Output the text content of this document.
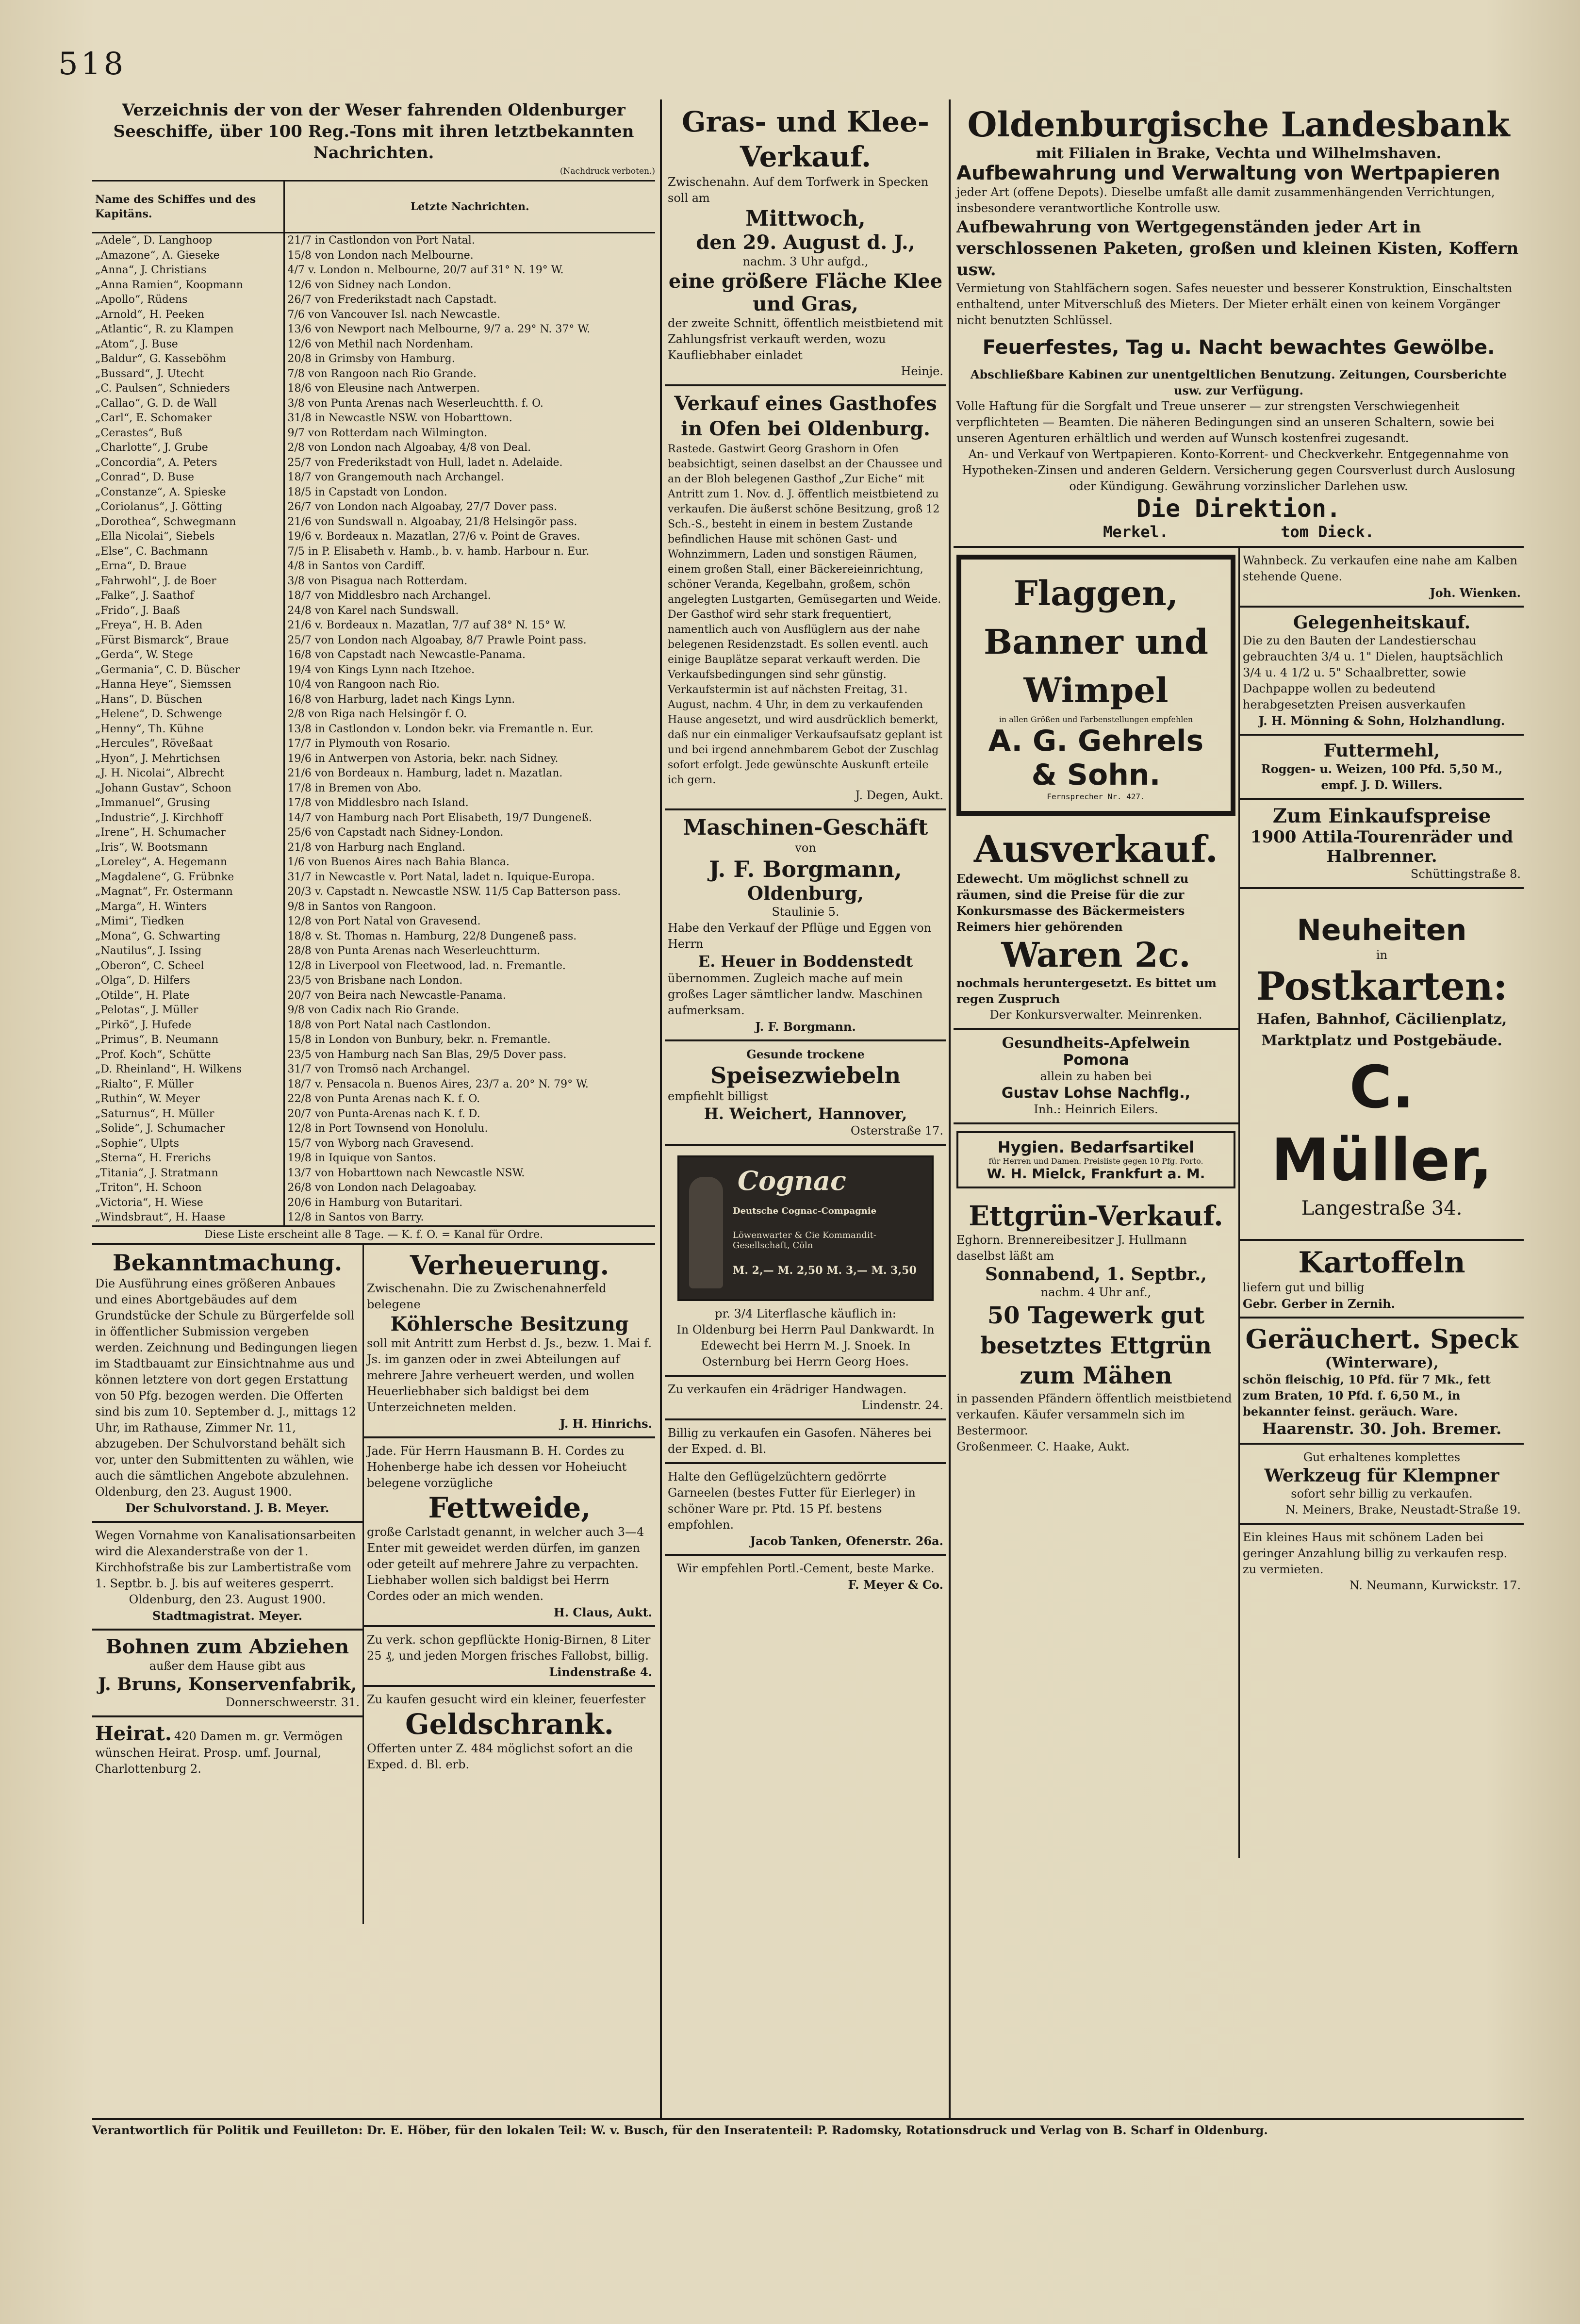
518
Verzeichnis der von der Weser fahrenden Oldenburger Seeschiffe, über 100 Reg.-Tons mit ihren letztbekannten Nachrichten.
(Nachdruck verboten.)
Name des Schiffes und des Kapitäns.	Letzte Nachrichten.
„Adele“, D. Langhoop	21/7 in Castlondon von Port Natal.
„Amazone“, A. Gieseke	15/8 von London nach Melbourne.
„Anna“, J. Christians	4/7 v. London n. Melbourne, 20/7 auf 31° N. 19° W.
„Anna Ramien“, Koopmann	12/6 von Sidney nach London.
„Apollo“, Rüdens	26/7 von Frederikstadt nach Capstadt.
„Arnold“, H. Peeken	7/6 von Vancouver Isl. nach Newcastle.
„Atlantic“, R. zu Klampen	13/6 von Newport nach Melbourne, 9/7 a. 29° N. 37° W.
„Atom“, J. Buse	12/6 von Methil nach Nordenham.
„Baldur“, G. Kasseböhm	20/8 in Grimsby von Hamburg.
„Bussard“, J. Utecht	7/8 von Rangoon nach Rio Grande.
„C. Paulsen“, Schnieders	18/6 von Eleusine nach Antwerpen.
„Callao“, G. D. de Wall	3/8 von Punta Arenas nach Weserleuchtth. f. O.
„Carl“, E. Schomaker	31/8 in Newcastle NSW. von Hobarttown.
„Cerastes“, Buß	9/7 von Rotterdam nach Wilmington.
„Charlotte“, J. Grube	2/8 von London nach Algoabay, 4/8 von Deal.
„Concordia“, A. Peters	25/7 von Frederikstadt von Hull, ladet n. Adelaide.
„Conrad“, D. Buse	18/7 von Grangemouth nach Archangel.
„Constanze“, A. Spieske	18/5 in Capstadt von London.
„Coriolanus“, J. Götting	26/7 von London nach Algoabay, 27/7 Dover pass.
„Dorothea“, Schwegmann	21/6 von Sundswall n. Algoabay, 21/8 Helsingör pass.
„Ella Nicolai“, Siebels	19/6 v. Bordeaux n. Mazatlan, 27/6 v. Point de Graves.
„Else“, C. Bachmann	7/5 in P. Elisabeth v. Hamb., b. v. hamb. Harbour n. Eur.
„Erna“, D. Braue	4/8 in Santos von Cardiff.
„Fahrwohl“, J. de Boer	3/8 von Pisagua nach Rotterdam.
„Falke“, J. Saathof	18/7 von Middlesbro nach Archangel.
„Frido“, J. Baaß	24/8 von Karel nach Sundswall.
„Freya“, H. B. Aden	21/6 v. Bordeaux n. Mazatlan, 7/7 auf 38° N. 15° W.
„Fürst Bismarck“, Braue	25/7 von London nach Algoabay, 8/7 Prawle Point pass.
„Gerda“, W. Stege	16/8 von Capstadt nach Newcastle-Panama.
„Germania“, C. D. Büscher	19/4 von Kings Lynn nach Itzehoe.
„Hanna Heye“, Siemssen	10/4 von Rangoon nach Rio.
„Hans“, D. Büschen	16/8 von Harburg, ladet nach Kings Lynn.
„Helene“, D. Schwenge	2/8 von Riga nach Helsingör f. O.
„Henny“, Th. Kühne	13/8 in Castlondon v. London bekr. via Fremantle n. Eur.
„Hercules“, Röveßaat	17/7 in Plymouth von Rosario.
„Hyon“, J. Mehrtichsen	19/6 in Antwerpen von Astoria, bekr. nach Sidney.
„J. H. Nicolai“, Albrecht	21/6 von Bordeaux n. Hamburg, ladet n. Mazatlan.
„Johann Gustav“, Schoon	17/8 in Bremen von Abo.
„Immanuel“, Grusing	17/8 von Middlesbro nach Island.
„Industrie“, J. Kirchhoff	14/7 von Hamburg nach Port Elisabeth, 19/7 Dungeneß.
„Irene“, H. Schumacher	25/6 von Capstadt nach Sidney-London.
„Iris“, W. Bootsmann	21/8 von Harburg nach England.
„Loreley“, A. Hegemann	1/6 von Buenos Aires nach Bahia Blanca.
„Magdalene“, G. Frübnke	31/7 in Newcastle v. Port Natal, ladet n. Iquique-Europa.
„Magnat“, Fr. Ostermann	20/3 v. Capstadt n. Newcastle NSW. 11/5 Cap Batterson pass.
„Marga“, H. Winters	9/8 in Santos von Rangoon.
„Mimi“, Tiedken	12/8 von Port Natal von Gravesend.
„Mona“, G. Schwarting	18/8 v. St. Thomas n. Hamburg, 22/8 Dungeneß pass.
„Nautilus“, J. Issing	28/8 von Punta Arenas nach Weserleuchtturm.
„Oberon“, C. Scheel	12/8 in Liverpool von Fleetwood, lad. n. Fremantle.
„Olga“, D. Hilfers	23/5 von Brisbane nach London.
„Otilde“, H. Plate	20/7 von Beira nach Newcastle-Panama.
„Pelotas“, J. Müller	9/8 von Cadix nach Rio Grande.
„Pirkö“, J. Hufede	18/8 von Port Natal nach Castlondon.
„Primus“, B. Neumann	15/8 in London von Bunbury, bekr. n. Fremantle.
„Prof. Koch“, Schütte	23/5 von Hamburg nach San Blas, 29/5 Dover pass.
„D. Rheinland“, H. Wilkens	31/7 von Tromsö nach Archangel.
„Rialto“, F. Müller	18/7 v. Pensacola n. Buenos Aires, 23/7 a. 20° N. 79° W.
„Ruthin“, W. Meyer	22/8 von Punta Arenas nach K. f. O.
„Saturnus“, H. Müller	20/7 von Punta-Arenas nach K. f. D.
„Solide“, J. Schumacher	12/8 in Port Townsend von Honolulu.
„Sophie“, Ulpts	15/7 von Wyborg nach Gravesend.
„Sterna“, H. Frerichs	19/8 in Iquique von Santos.
„Titania“, J. Stratmann	13/7 von Hobarttown nach Newcastle NSW.
„Triton“, H. Schoon	26/8 von London nach Delagoabay.
„Victoria“, H. Wiese	20/6 in Hamburg von Butaritari.
„Windsbraut“, H. Haase	12/8 in Santos von Barry.
Diese Liste erscheint alle 8 Tage. — K. f. O. = Kanal für Ordre.
Bekanntmachung.
Die Ausführung eines größeren Anbaues und eines Abortgebäudes auf dem Grundstücke der Schule zu Bürgerfelde soll in öffentlicher Submission vergeben werden. Zeichnung und Bedingungen liegen im Stadtbauamt zur Einsichtnahme aus und können letztere von dort gegen Erstattung von 50 Pfg. bezogen werden. Die Offerten sind bis zum 10. September d. J., mittags 12 Uhr, im Rathause, Zimmer Nr. 11, abzugeben. Der Schulvorstand behält sich vor, unter den Submittenten zu wählen, wie auch die sämtlichen Angebote abzulehnen.
Oldenburg, den 23. August 1900.
Der Schulvorstand. J. B. Meyer.
Wegen Vornahme von Kanalisationsarbeiten wird die Alexanderstraße von der 1. Kirchhofstraße bis zur Lambertistraße vom 1. Septbr. b. J. bis auf weiteres gesperrt.
Oldenburg, den 23. August 1900.
Stadtmagistrat. Meyer.
Bohnen zum Abziehen
außer dem Hause gibt aus
J. Bruns, Konservenfabrik,
Donnerschweerstr. 31.
Heirat. 420 Damen m. gr. Vermögen wünschen Heirat. Prosp. umf. Journal, Charlottenburg 2.
Verheuerung.
Zwischenahn. Die zu Zwischenahnerfeld belegene
Köhlersche Besitzung
soll mit Antritt zum Herbst d. Js., bezw. 1. Mai f. Js. im ganzen oder in zwei Abteilungen auf mehrere Jahre verheuert werden, und wollen Heuerliebhaber sich baldigst bei dem Unterzeichneten melden.
J. H. Hinrichs.
Jade. Für Herrn Hausmann B. H. Cordes zu Hohenberge habe ich dessen vor Hoheiucht belegene vorzügliche
Fettweide,
große Carlstadt genannt, in welcher auch 3—4 Enter mit geweidet werden dürfen, im ganzen oder geteilt auf mehrere Jahre zu verpachten. Liebhaber wollen sich baldigst bei Herrn Cordes oder an mich wenden.
H. Claus, Aukt.
Zu verk. schon gepflückte Honig-Birnen, 8 Liter 25 ₰, und jeden Morgen frisches Fallobst, billig.
Lindenstraße 4.
Zu kaufen gesucht wird ein kleiner, feuerfester
Geldschrank.
Offerten unter Z. 484 möglichst sofort an die Exped. d. Bl. erb.
Gras- und Klee-Verkauf.
Zwischenahn. Auf dem Torfwerk in Specken soll am
Mittwoch,
den 29. August d. J.,
nachm. 3 Uhr aufgd.,
eine größere Fläche Klee und Gras,
der zweite Schnitt, öffentlich meistbietend mit Zahlungsfrist verkauft werden, wozu Kaufliebhaber einladet
Heinje.
Verkauf eines Gasthofes in Ofen bei Oldenburg.
Rastede. Gastwirt Georg Grashorn in Ofen beabsichtigt, seinen daselbst an der Chaussee und an der Bloh belegenen Gasthof „Zur Eiche“ mit Antritt zum 1. Nov. d. J. öffentlich meistbietend zu verkaufen. Die äußerst schöne Besitzung, groß 12 Sch.-S., besteht in einem in bestem Zustande befindlichen Hause mit schönen Gast- und Wohnzimmern, Laden und sonstigen Räumen, einem großen Stall, einer Bäckereieinrichtung, schöner Veranda, Kegelbahn, großem, schön angelegten Lustgarten, Gemüsegarten und Weide. Der Gasthof wird sehr stark frequentiert, namentlich auch von Ausflüglern aus der nahe belegenen Residenzstadt. Es sollen eventl. auch einige Bauplätze separat verkauft werden. Die Verkaufsbedingungen sind sehr günstig. Verkaufstermin ist auf nächsten Freitag, 31. August, nachm. 4 Uhr, in dem zu verkaufenden Hause angesetzt, und wird ausdrücklich bemerkt, daß nur ein einmaliger Verkaufsaufsatz geplant ist und bei irgend annehmbarem Gebot der Zuschlag sofort erfolgt. Jede gewünschte Auskunft erteile ich gern.
J. Degen, Aukt.
Maschinen-Geschäft
von
J. F. Borgmann,
Oldenburg,
Staulinie 5.
Habe den Verkauf der Pflüge und Eggen von Herrn
E. Heuer in Boddenstedt
übernommen. Zugleich mache auf mein großes Lager sämtlicher landw. Maschinen aufmerksam.
J. F. Borgmann.
Gesunde trockene
Speisezwiebeln
empfiehlt billigst
H. Weichert, Hannover,
Osterstraße 17.
Cognac
Deutsche Cognac-Compagnie
Löwenwarter & Cie Kommandit-Gesellschaft, Cöln
M. 2,— M. 2,50 M. 3,— M. 3,50
pr. 3/4 Literflasche käuflich in:
In Oldenburg bei Herrn Paul Dankwardt. In Edewecht bei Herrn M. J. Snoek. In Osternburg bei Herrn Georg Hoes.
Zu verkaufen ein 4rädriger Handwagen.
Lindenstr. 24.
Billig zu verkaufen ein Gasofen. Näheres bei der Exped. d. Bl.
Halte den Geflügelzüchtern gedörrte Garneelen (bestes Futter für Eierleger) in schöner Ware pr. Ptd. 15 Pf. bestens empfohlen.
Jacob Tanken, Ofenerstr. 26a.
Wir empfehlen Portl.-Cement, beste Marke.
F. Meyer & Co.
Oldenburgische Landesbank
mit Filialen in Brake, Vechta und Wilhelmshaven.
Aufbewahrung und Verwaltung von Wertpapieren
jeder Art (offene Depots). Dieselbe umfaßt alle damit zusammenhängenden Verrichtungen, insbesondere verantwortliche Kontrolle usw.
Aufbewahrung von Wertgegenständen jeder Art in verschlossenen Paketen, großen und kleinen Kisten, Koffern usw.
Vermietung von Stahlfächern sogen. Safes neuester und besserer Konstruktion, Einschaltsten enthaltend, unter Mitverschluß des Mieters. Der Mieter erhält einen von keinem Vorgänger nicht benutzten Schlüssel.
Feuerfestes, Tag u. Nacht bewachtes Gewölbe.
Abschließbare Kabinen zur unentgeltlichen Benutzung. Zeitungen, Coursberichte usw. zur Verfügung.
Volle Haftung für die Sorgfalt und Treue unserer — zur strengsten Verschwiegenheit verpflichteten — Beamten. Die näheren Bedingungen sind an unseren Schaltern, sowie bei unseren Agenturen erhältlich und werden auf Wunsch kostenfrei zugesandt.
An- und Verkauf von Wertpapieren. Konto-Korrent- und Checkverkehr. Entgegennahme von Hypotheken-Zinsen und anderen Geldern. Versicherung gegen Coursverlust durch Auslosung oder Kündigung. Gewährung vorzinslicher Darlehen usw.
Die Direktion.
Merkel.            tom Dieck.
Flaggen, Banner und Wimpel
in allen Größen und Farbenstellungen empfehlen
A. G. Gehrels & Sohn.
Fernsprecher Nr. 427.
Ausverkauf.
Edewecht. Um möglichst schnell zu räumen, sind die Preise für die zur Konkursmasse des Bäckermeisters Reimers hier gehörenden
Waren 2c.
nochmals heruntergesetzt. Es bittet um regen Zuspruch
Der Konkursverwalter. Meinrenken.
Gesundheits-Apfelwein
Pomona
allein zu haben bei
Gustav Lohse Nachflg.,
Inh.: Heinrich Eilers.
Hygien. Bedarfsartikel
für Herren und Damen. Preisliste gegen 10 Pfg. Porto.
W. H. Mielck, Frankfurt a. M.
Ettgrün-Verkauf.
Eghorn. Brennereibesitzer J. Hullmann daselbst läßt am
Sonnabend, 1. Septbr.,
nachm. 4 Uhr anf.,
50 Tagewerk gut besetztes Ettgrün zum Mähen
in passenden Pfändern öffentlich meistbietend verkaufen. Käufer versammeln sich im Bestermoor.
Großenmeer. C. Haake, Aukt.
Wahnbeck. Zu verkaufen eine nahe am Kalben stehende Quene.
Joh. Wienken.
Gelegenheitskauf.
Die zu den Bauten der Landestierschau gebrauchten 3/4 u. 1" Dielen, hauptsächlich 3/4 u. 4 1/2 u. 5" Schaalbretter, sowie Dachpappe wollen zu bedeutend herabgesetzten Preisen ausverkaufen
J. H. Mönning & Sohn, Holzhandlung.
Futtermehl,
Roggen- u. Weizen, 100 Pfd. 5,50 M., empf. J. D. Willers.
Zum Einkaufspreise
1900 Attila-Tourenräder und Halbrenner.
Schüttingstraße 8.
Neuheiten
in
Postkarten:
Hafen, Bahnhof, Cäcilienplatz, Marktplatz und Postgebäude.
C. Müller,
Langestraße 34.
Kartoffeln
liefern gut und billig
Gebr. Gerber in Zernih.
Geräuchert. Speck
(Winterware),
schön fleischig, 10 Pfd. für 7 Mk., fett zum Braten, 10 Pfd. f. 6,50 M., in bekannter feinst. geräuch. Ware.
Haarenstr. 30. Joh. Bremer.
Gut erhaltenes komplettes
Werkzeug für Klempner
sofort sehr billig zu verkaufen.
N. Meiners, Brake, Neustadt-Straße 19.
Ein kleines Haus mit schönem Laden bei geringer Anzahlung billig zu verkaufen resp. zu vermieten.
N. Neumann, Kurwickstr. 17.
Verantwortlich für Politik und Feuilleton: Dr. E. Höber, für den lokalen Teil: W. v. Busch, für den Inseratenteil: P. Radomsky, Rotationsdruck und Verlag von B. Scharf in Oldenburg.
